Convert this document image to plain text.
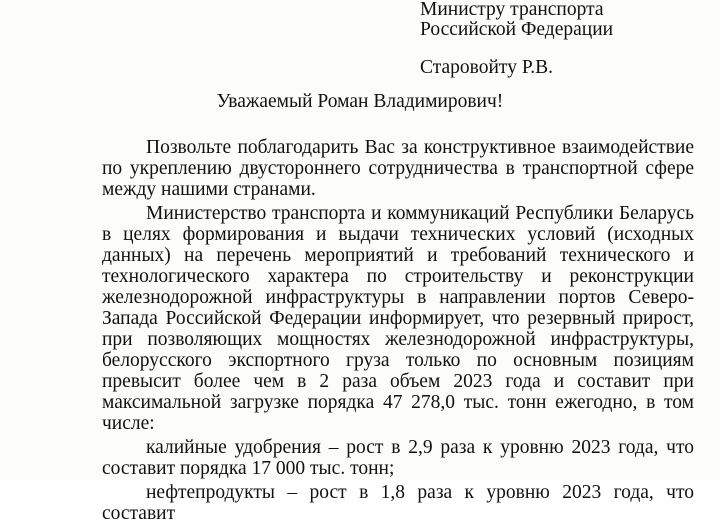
Министру транспорта
Российской Федерации
Старовойту Р.В.
Уважаемый Роман Владимирович!

Позвольте поблагодарить Вас за конструктивное взаимодействие по укреплению двустороннего сотрудничества в транспортной сфере между нашими странами.

Министерство транспорта и коммуникаций Республики Беларусь в целях формирования и выдачи технических условий (исходных данных) на перечень мероприятий и требований технического и технологического характера по строительству и реконструкции железнодорожной инфраструктуры в направлении портов Северо-Запада Российской Федерации информирует, что резервный прирост, при позволяющих мощностях железнодорожной инфраструктуры, белорусского экспортного груза только по основным позициям превысит более чем в 2 раза объем 2023 года и составит при максимальной загрузке порядка 47 278,0 тыс. тонн ежегодно, в том числе:

калийные удобрения – рост в 2,9 раза к уровню 2023 года, что составит порядка 17 000 тыс. тонн;

нефтепродукты – рост в 1,8 раза к уровню 2023 года, что составит
